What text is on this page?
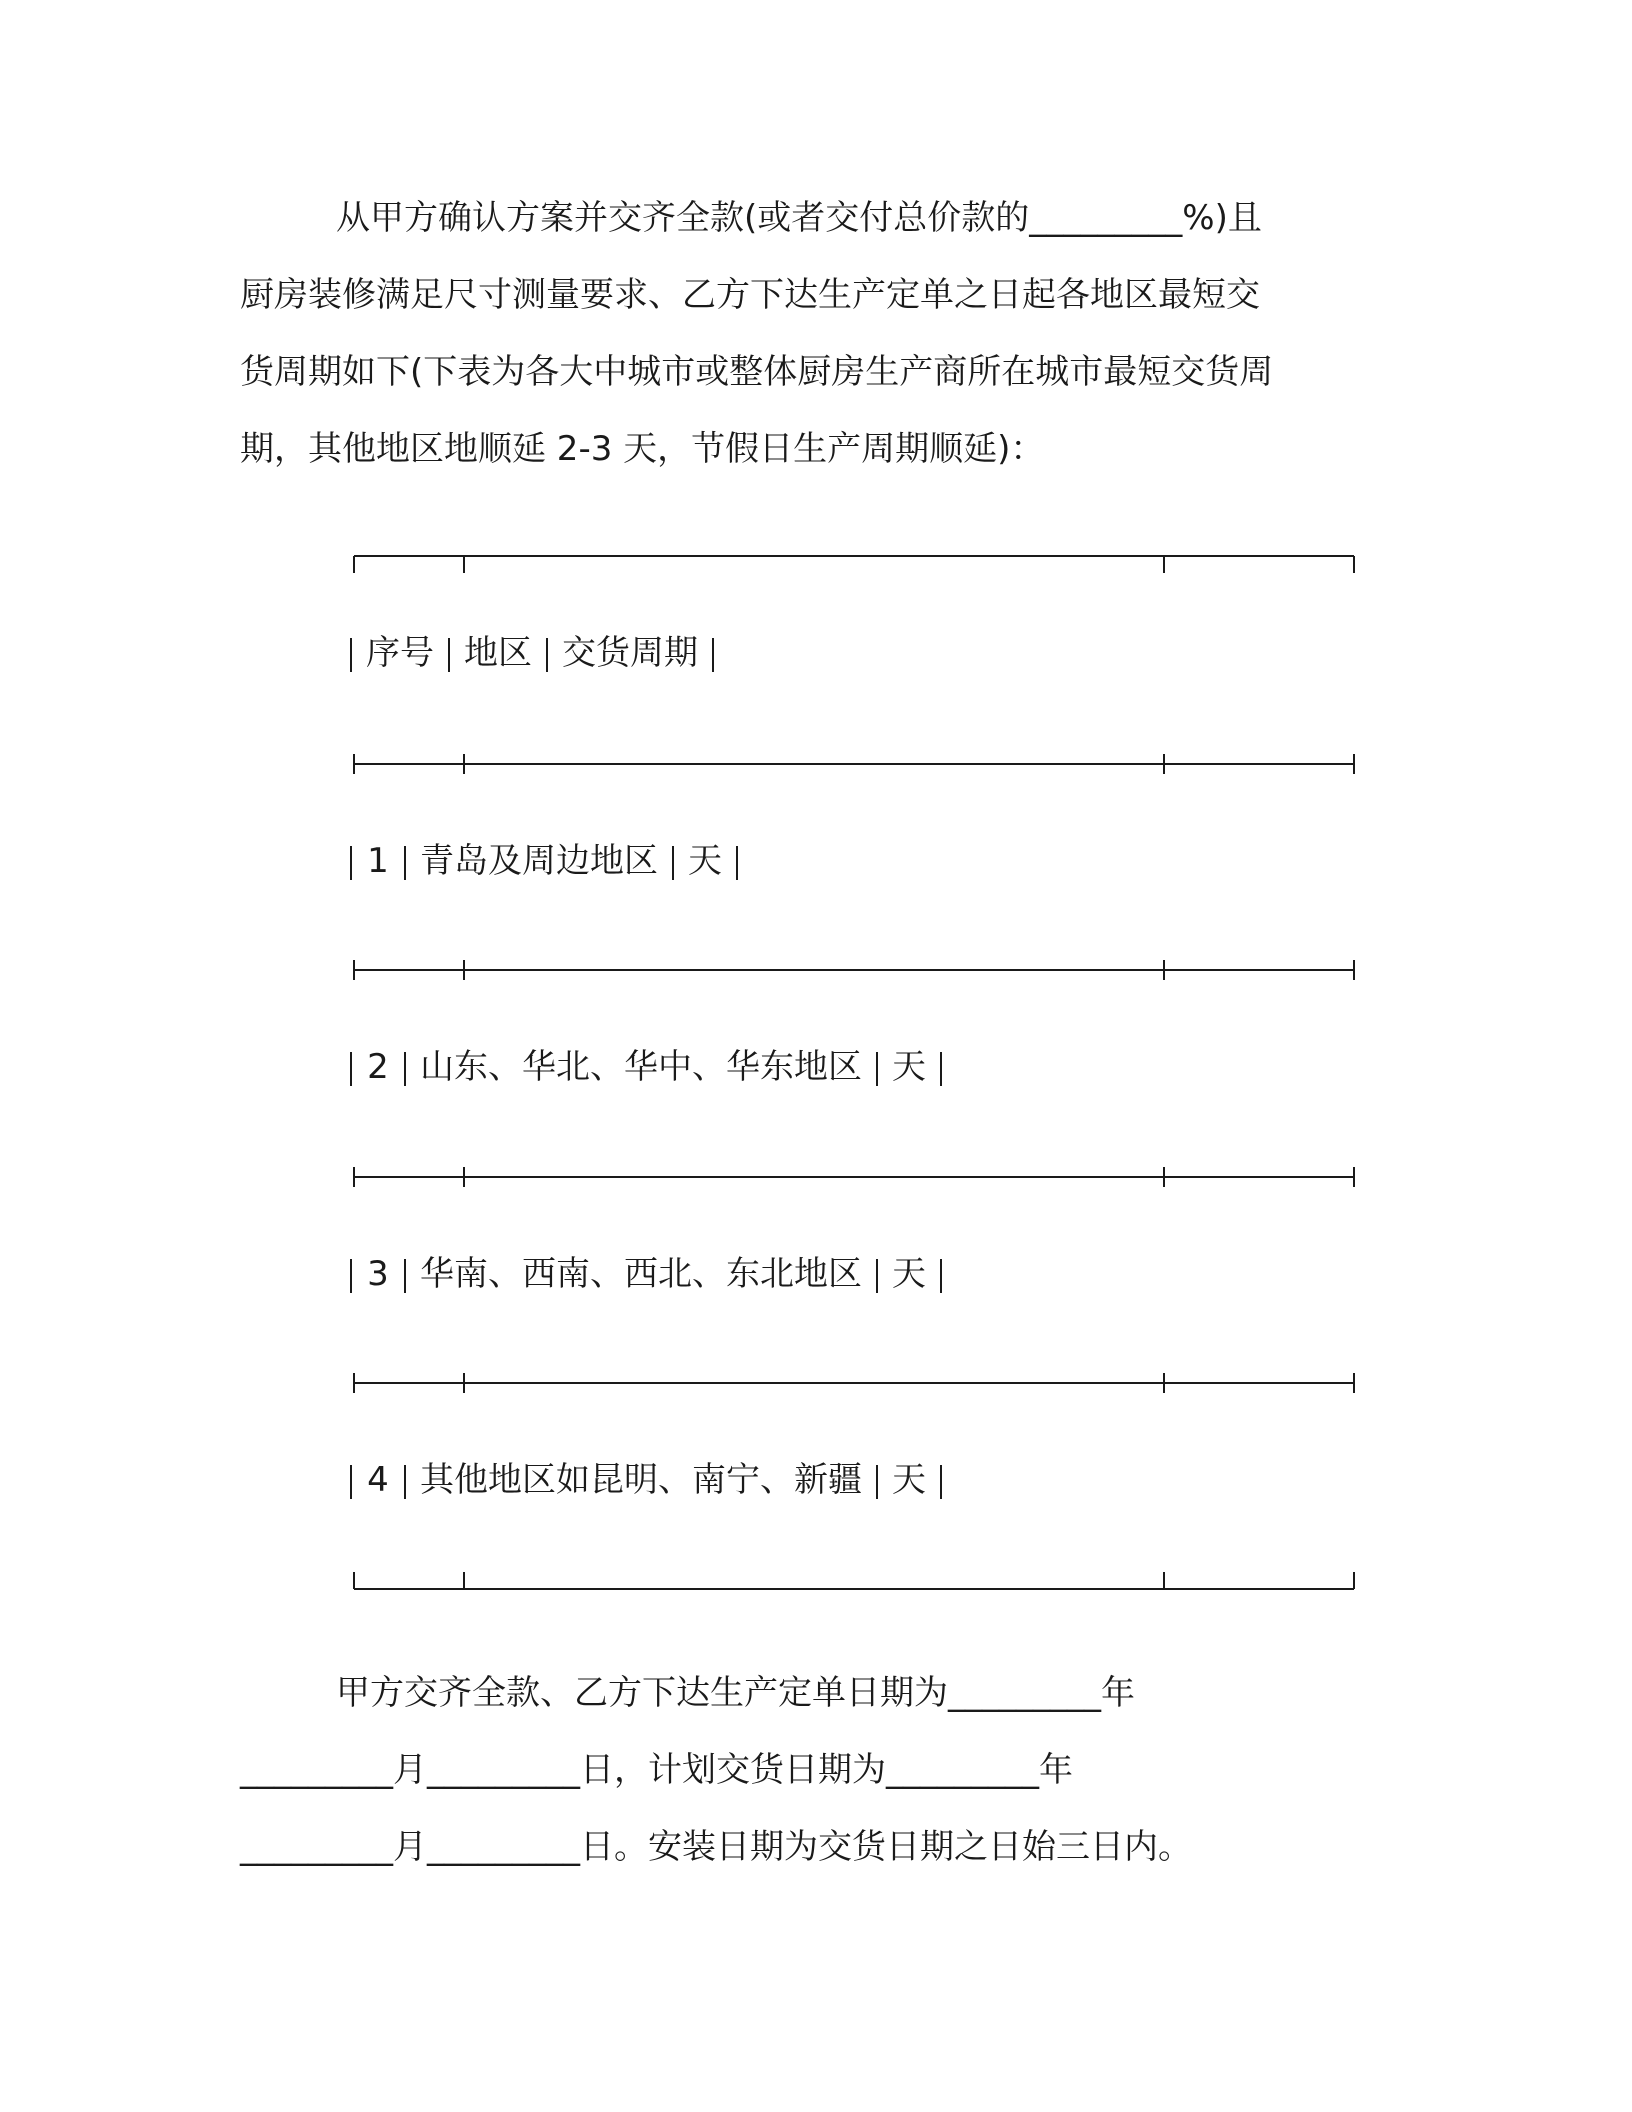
从甲方确认方案并交齐全款(或者交付总价款的_________%)且
厨房装修满足尺寸测量要求、乙方下达生产定单之日起各地区最短交
货周期如下(下表为各大中城市或整体厨房生产商所在城市最短交货周
期，其他地区地顺延 2-3 天，节假日生产周期顺延)：

序号 地区 交货周期
1 青岛及周边地区 天
2 山东、华北、华中、华东地区 天
3 华南、西南、西北、东北地区 天
4 其他地区如昆明、南宁、新疆 天

甲方交齐全款、乙方下达生产定单日期为_________年
_________月_________日，计划交货日期为_________年
_________月_________日。安装日期为交货日期之日始三日内。
